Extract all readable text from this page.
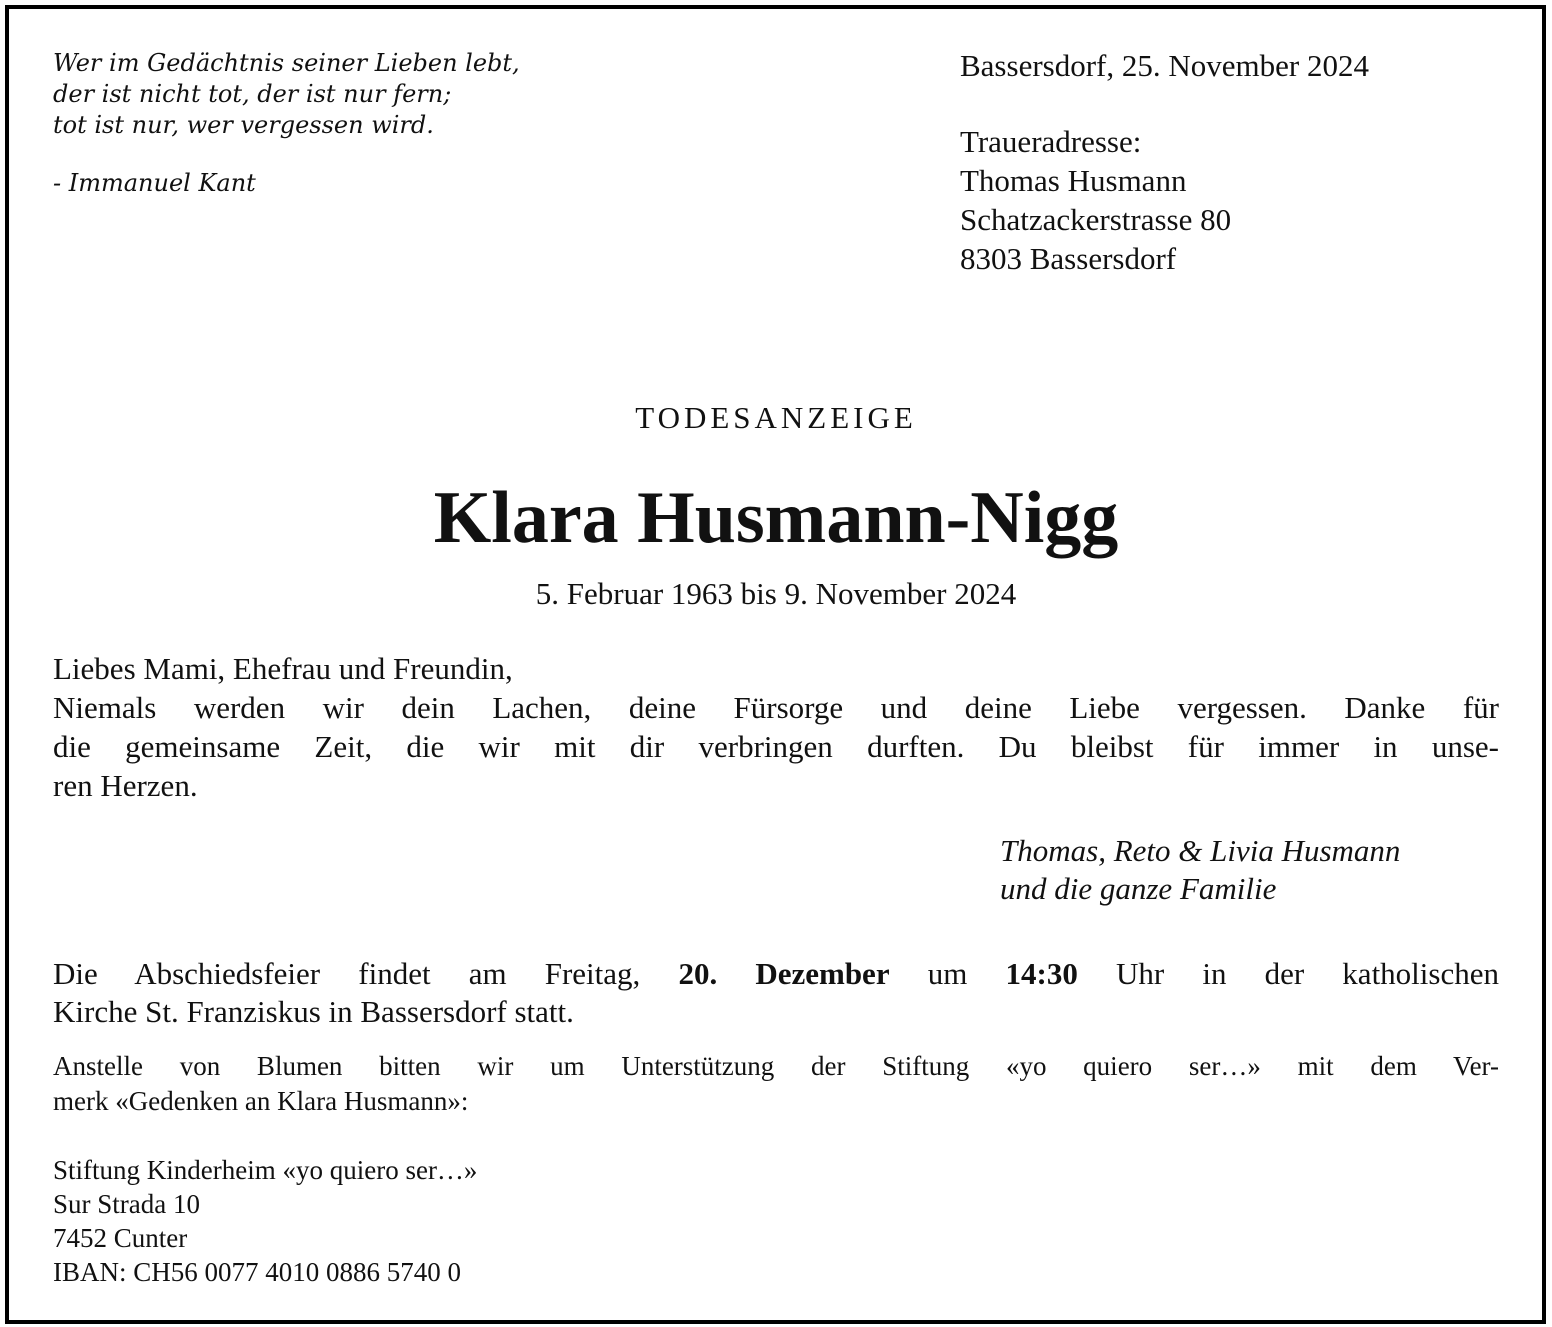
Wer im Gedächtnis seiner Lieben lebt,
der ist nicht tot, der ist nur fern;
tot ist nur, wer vergessen wird.
- Immanuel Kant
Bassersdorf, 25. November 2024
Traueradresse:
Thomas Husmann
Schatzackerstrasse 80
8303 Bassersdorf
TODESANZEIGE
Klara Husmann-Nigg
5. Februar 1963 bis 9. November 2024
Liebes Mami, Ehefrau und Freundin,
Niemals werden wir dein Lachen, deine Fürsorge und deine Liebe vergessen. Danke für
die gemeinsame Zeit, die wir mit dir verbringen durften. Du bleibst für immer in unse-
ren Herzen.
Thomas, Reto & Livia Husmann
und die ganze Familie
Die Abschiedsfeier findet am Freitag, 20. Dezember um 14:30 Uhr in der katholischen
Kirche St. Franziskus in Bassersdorf statt.
Anstelle von Blumen bitten wir um Unterstützung der Stiftung «yo quiero ser…» mit dem Ver-
merk «Gedenken an Klara Husmann»:
Stiftung Kinderheim «yo quiero ser…»
Sur Strada 10
7452 Cunter
IBAN: CH56 0077 4010 0886 5740 0
